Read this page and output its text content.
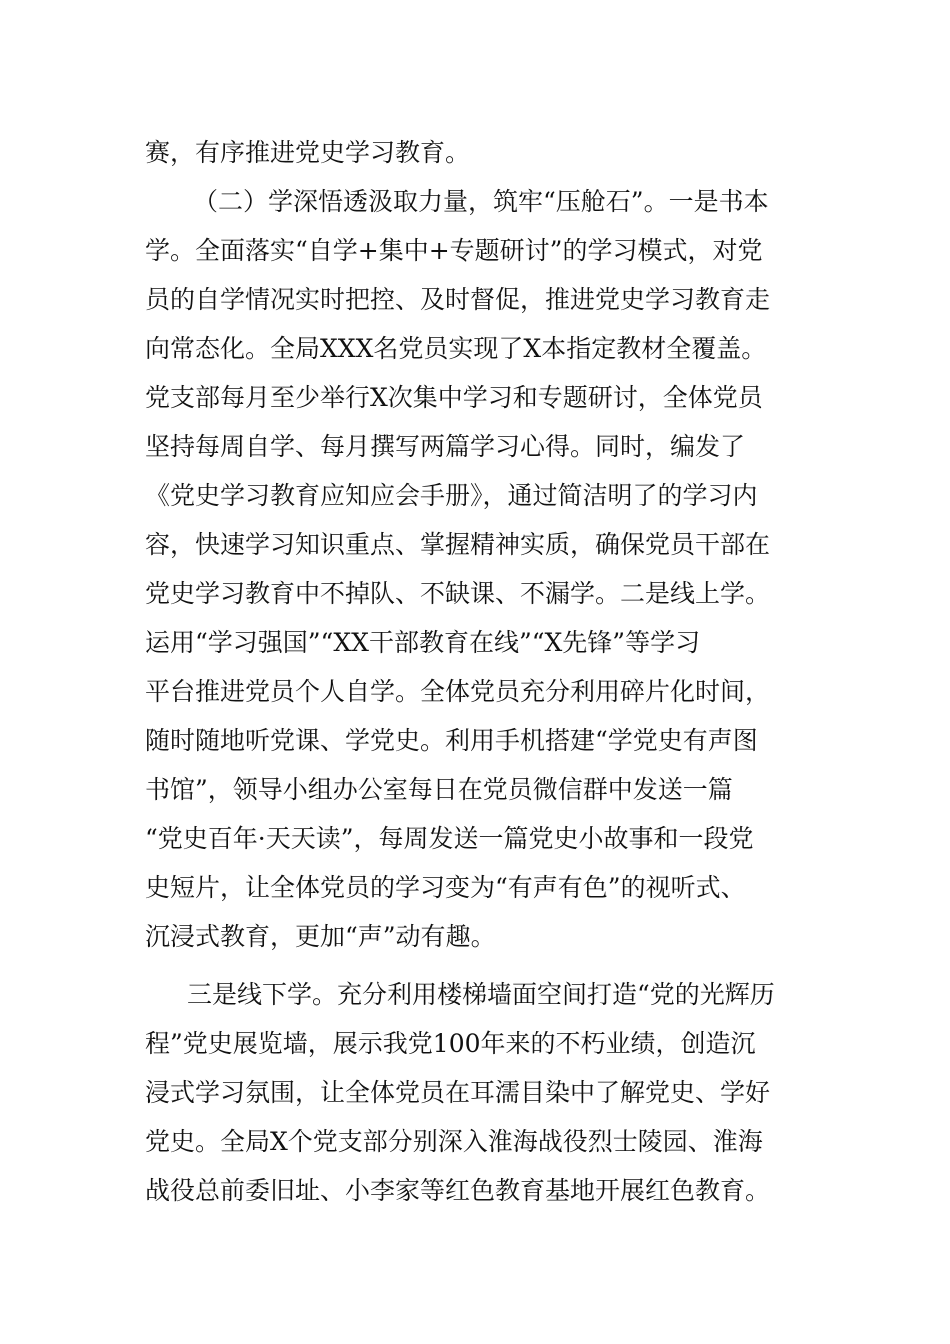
赛，有序推进党史学习教育。
（二）学深悟透汲取力量，筑牢“压舱石”。一是书本
学。全面落实“自学+集中+专题研讨”的学习模式，对党
员的自学情况实时把控、及时督促，推进党史学习教育走
向常态化。全局XXX名党员实现了X本指定教材全覆盖。
党支部每月至少举行X次集中学习和专题研讨，全体党员
坚持每周自学、每月撰写两篇学习心得。同时，编发了
《党史学习教育应知应会手册》，通过简洁明了的学习内
容，快速学习知识重点、掌握精神实质，确保党员干部在
党史学习教育中不掉队、不缺课、不漏学。二是线上学。
运用“学习强国”“XX干部教育在线”“X先锋”等学习
平台推进党员个人自学。全体党员充分利用碎片化时间，
随时随地听党课、学党史。利用手机搭建“学党史有声图
书馆”，领导小组办公室每日在党员微信群中发送一篇
“党史百年·天天读”，每周发送一篇党史小故事和一段党
史短片，让全体党员的学习变为“有声有色”的视听式、
沉浸式教育，更加“声”动有趣。
三是线下学。充分利用楼梯墙面空间打造“党的光辉历
程”党史展览墙，展示我党100年来的不朽业绩，创造沉
浸式学习氛围，让全体党员在耳濡目染中了解党史、学好
党史。全局X个党支部分别深入淮海战役烈士陵园、淮海
战役总前委旧址、小李家等红色教育基地开展红色教育。
